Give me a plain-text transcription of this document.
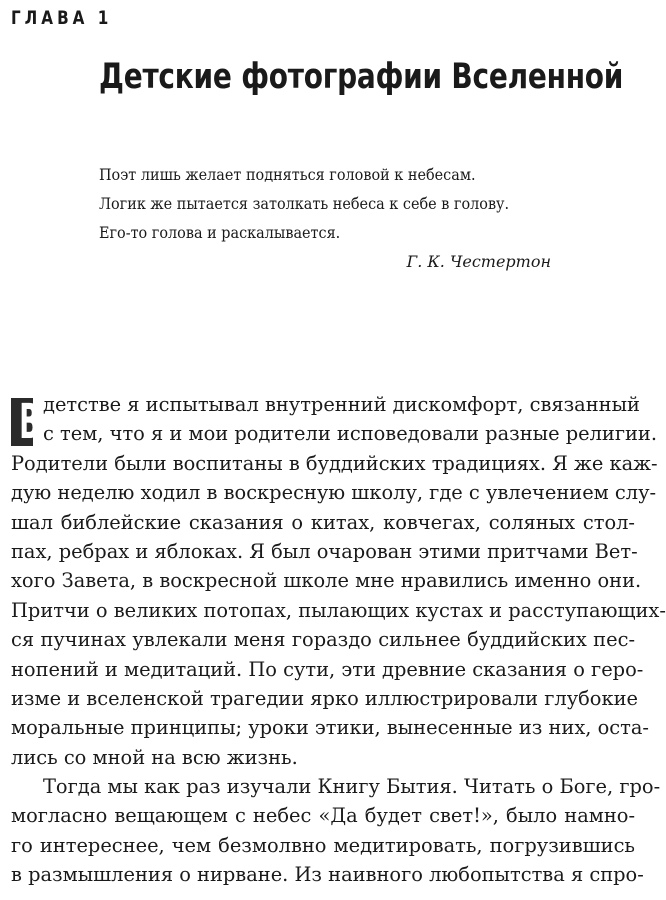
ГЛАВА 1
Детские фотографии Вселенной
Поэт лишь желает подняться головой к небесам.
Логик же пытается затолкать небеса к себе в голову.
Его-то голова и раскалывается.
Г. К. Честертон
В детстве я испытывал внутренний дискомфорт, связанный
с тем, что я и мои родители исповедовали разные религии.
Родители были воспитаны в буддийских традициях. Я же каж-
дую неделю ходил в воскресную школу, где с увлечением слу-
шал библейские сказания о китах, ковчегах, соляных стол-
пах, ребрах и яблоках. Я был очарован этими притчами Вет-
хого Завета, в воскресной школе мне нравились именно они.
Притчи о великих потопах, пылающих кустах и расступающих-
ся пучинах увлекали меня гораздо сильнее буддийских пес-
нопений и медитаций. По сути, эти древние сказания о геро-
изме и вселенской трагедии ярко иллюстрировали глубокие
моральные принципы; уроки этики, вынесенные из них, оста-
лись со мной на всю жизнь.
Тогда мы как раз изучали Книгу Бытия. Читать о Боге, гро-
могласно вещающем с небес «Да будет свет!», было намно-
го интереснее, чем безмолвно медитировать, погрузившись
в размышления о нирване. Из наивного любопытства я спро-
